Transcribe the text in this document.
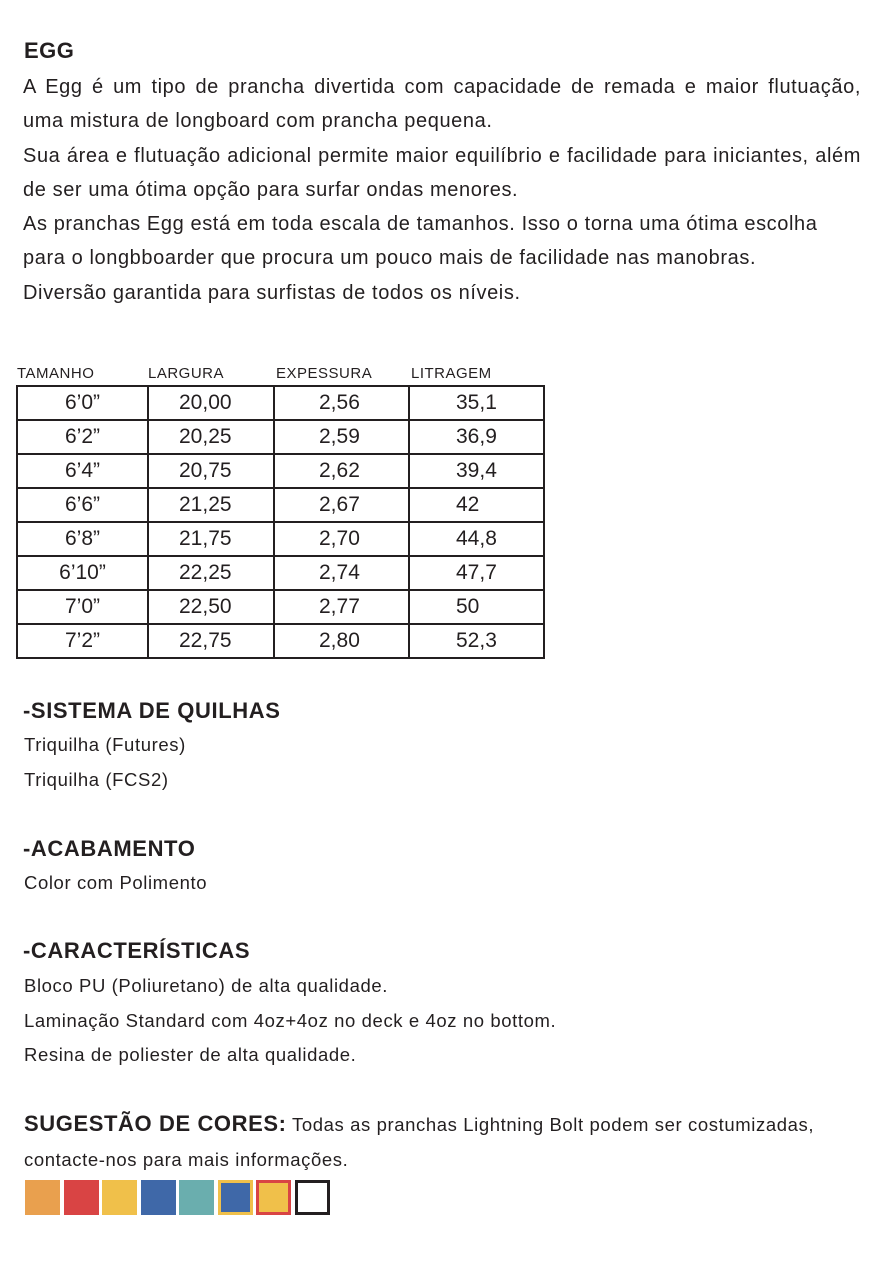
EGG

A Egg é um tipo de prancha divertida com capacidade de remada e maior flutuação, uma mistura de longboard com prancha pequena.

Sua área e flutuação adicional permite maior equilíbrio e facilidade para iniciantes, além de ser uma ótima opção para surfar ondas menores.

As pranchas Egg está em toda escala de tamanhos. Isso o torna uma ótima escolha para o longbboarder que procura um pouco mais de facilidade nas manobras.

Diversão garantida para surfistas de todos os níveis.

TAMANHO	LARGURA	EXPESSURA	LITRAGEM
6’0”	20,00	2,56	35,1
6’2”	20,25	2,59	36,9
6’4”	20,75	2,62	39,4
6’6”	21,25	2,67	42
6’8”	21,75	2,70	44,8
6’10”	22,25	2,74	47,7
7’0”	22,50	2,77	50
7’2”	22,75	2,80	52,3
-SISTEMA DE QUILHAS
Triquilha (Futures)
Triquilha (FCS2)
-ACABAMENTO
Color com Polimento
-CARACTERÍSTICAS
Bloco PU (Poliuretano) de alta qualidade.
Laminação Standard com 4oz+4oz no deck e 4oz no bottom.
Resina de poliester de alta qualidade.
SUGESTÃO DE CORES: Todas as pranchas Lightning Bolt podem ser costumizadas, contacte-nos para mais informações.
